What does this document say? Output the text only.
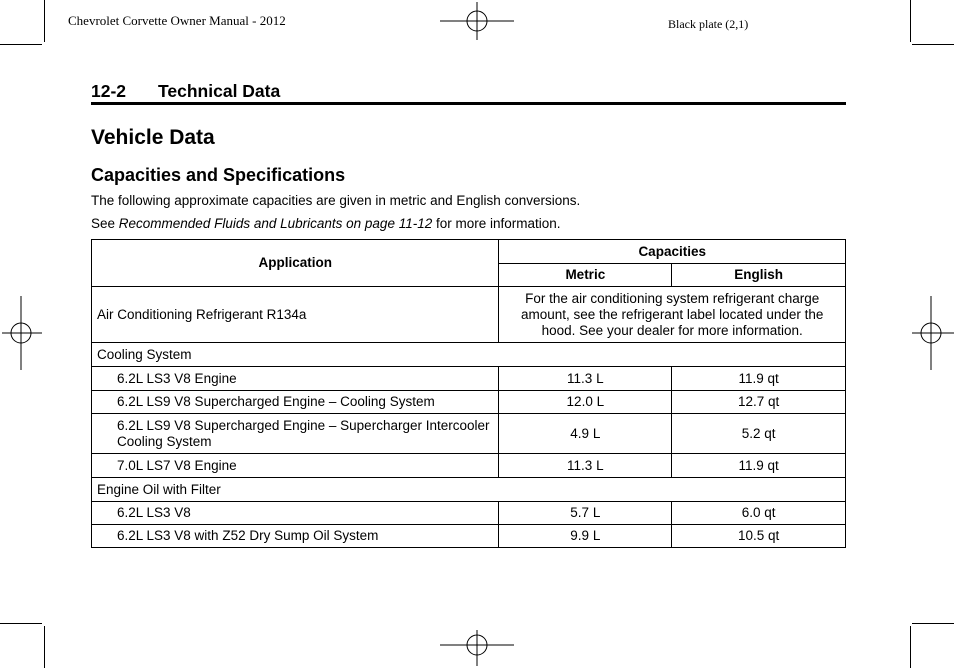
Chevrolet Corvette Owner Manual - 2012	Black plate (2,1)
12-2 Technical Data
Vehicle Data
Capacities and Specifications

The following approximate capacities are given in metric and English conversions.

See Recommended Fluids and Lubricants on page 11-12 for more information.

Application	Capacities	
	Metric	English
Air Conditioning Refrigerant R134a	For the air conditioning system refrigerant charge amount, see the refrigerant label located under the hood. See your dealer for more information.	
Cooling System		
6.2L LS3 V8 Engine	11.3 L	11.9 qt
6.2L LS9 V8 Supercharged Engine – Cooling System	12.0 L	12.7 qt
6.2L LS9 V8 Supercharged Engine – Supercharger Intercooler Cooling System	4.9 L	5.2 qt
7.0L LS7 V8 Engine	11.3 L	11.9 qt
Engine Oil with Filter		
6.2L LS3 V8	5.7 L	6.0 qt
6.2L LS3 V8 with Z52 Dry Sump Oil System	9.9 L	10.5 qt
